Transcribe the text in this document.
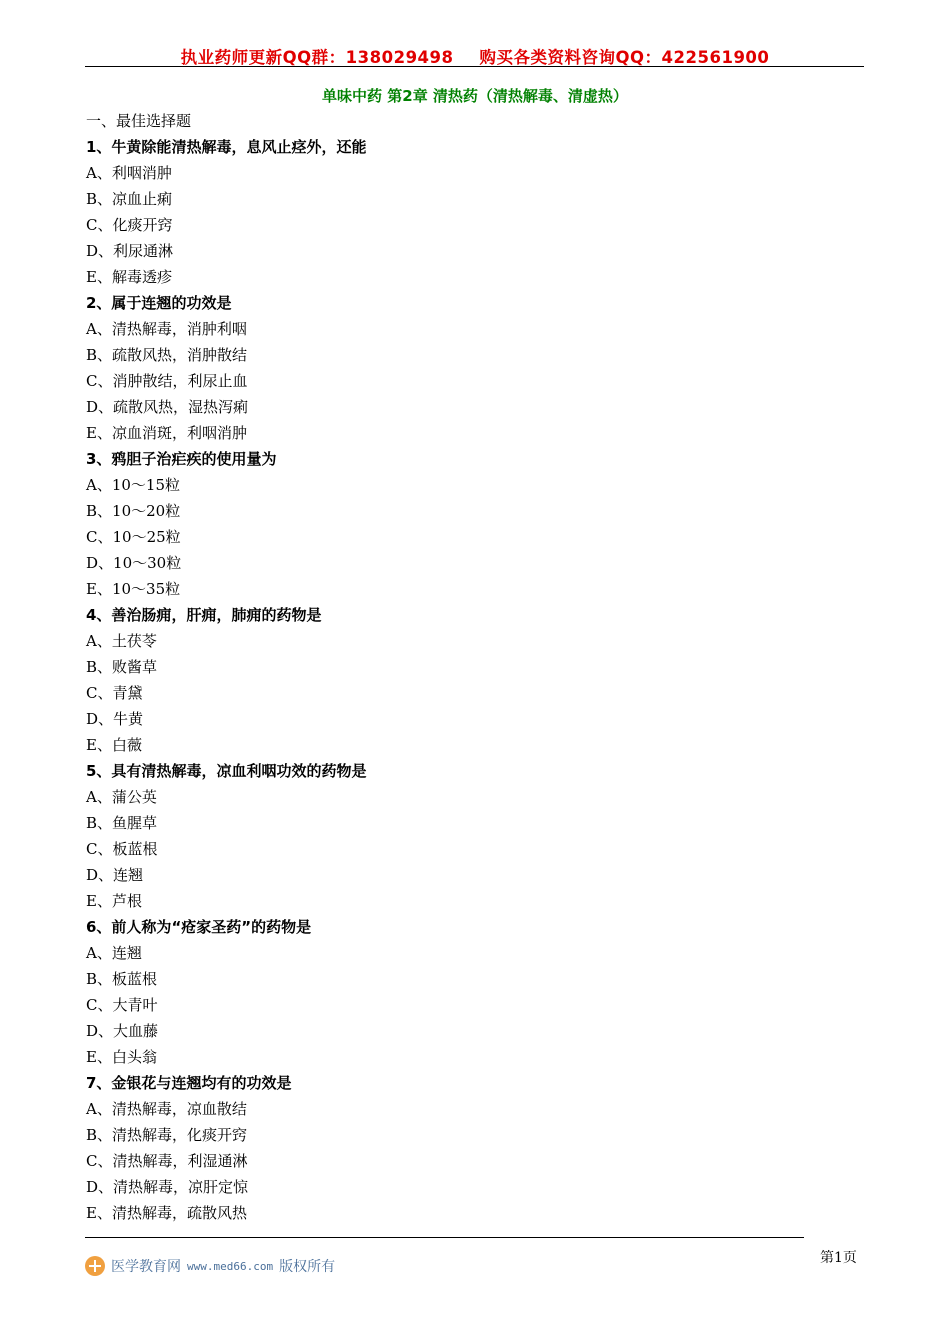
执业药师更新QQ群：138029498 购买各类资料咨询QQ：422561900
单味中药 第2章 清热药（清热解毒、清虚热）
一、最佳选择题
1、牛黄除能清热解毒，息风止痉外，还能
A、利咽消肿
B、凉血止痢
C、化痰开窍
D、利尿通淋
E、解毒透疹
2、属于连翘的功效是
A、清热解毒，消肿利咽
B、疏散风热，消肿散结
C、消肿散结，利尿止血
D、疏散风热，湿热泻痢
E、凉血消斑，利咽消肿
3、鸦胆子治疟疾的使用量为
A、10～15粒
B、10～20粒
C、10～25粒
D、10～30粒
E、10～35粒
4、善治肠痈，肝痈，肺痈的药物是
A、土茯苓
B、败酱草
C、青黛
D、牛黄
E、白薇
5、具有清热解毒，凉血利咽功效的药物是
A、蒲公英
B、鱼腥草
C、板蓝根
D、连翘
E、芦根
6、前人称为“疮家圣药”的药物是
A、连翘
B、板蓝根
C、大青叶
D、大血藤
E、白头翁
7、金银花与连翘均有的功效是
A、清热解毒，凉血散结
B、清热解毒，化痰开窍
C、清热解毒，利湿通淋
D、清热解毒，凉肝定惊
E、清热解毒，疏散风热
医学教育网 www.med66.com 版权所有
第1页
